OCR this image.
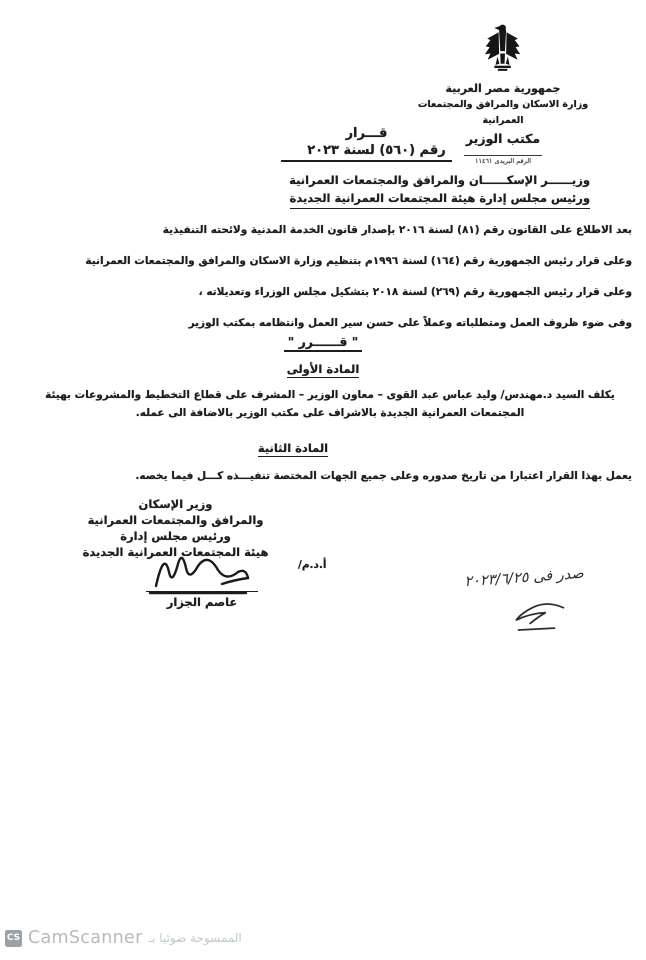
جمهورية مصر العربية
وزارة الاسكان والمرافق والمجتمعات العمرانية
مكتب الوزير
الرقم البريدى ١١٤٦١
قـــرار
رقم (٥٦٠) لسنة ٢٠٢٣
وزيــــــر الإسكــــــان والمرافق والمجتمعات العمرانية
ورئيس مجلس إدارة هيئة المجتمعات العمرانية الجديدة

بعد الاطلاع على القانون رقم (٨١) لسنة ٢٠١٦ بإصدار قانون الخدمة المدنية ولائحته التنفيذية

وعلى قرار رئيس الجمهورية رقم (١٦٤) لسنة ١٩٩٦م بتنظيم وزارة الاسكان والمرافق والمجتمعات العمرانية

وعلى قرار رئيس الجمهورية رقم (٢٦٩) لسنة ٢٠١٨ بتشكيل مجلس الوزراء وتعديلاته ،

وفى ضوء ظروف العمل ومتطلباته وعملاً على حسن سير العمل وانتظامه بمكتب الوزير

" قــــــرر "
المادة الأولى

يكلف السيد د.مهندس/ وليد عباس عبد القوى – معاون الوزير – المشرف على قطاع التخطيط والمشروعات بهيئة المجتمعات العمرانية الجديدة بالاشراف على مكتب الوزير بالاضافة الى عمله.

المادة الثانية

يعمل بهذا القرار اعتبارا من تاريخ صدوره وعلى جميع الجهات المختصة تنفيـــذه كـــل فيما يخصه.

وزير الإسكان
والمرافق والمجتمعات العمرانية
ورئيس مجلس إدارة
هيئة المجتمعات العمرانية الجديدة
أ.د.م/
عاصم الجزار
صدر فى ٢٠٢٣/٦/٢٥
CS CamScanner الممسوحة ضوئيا بـ
